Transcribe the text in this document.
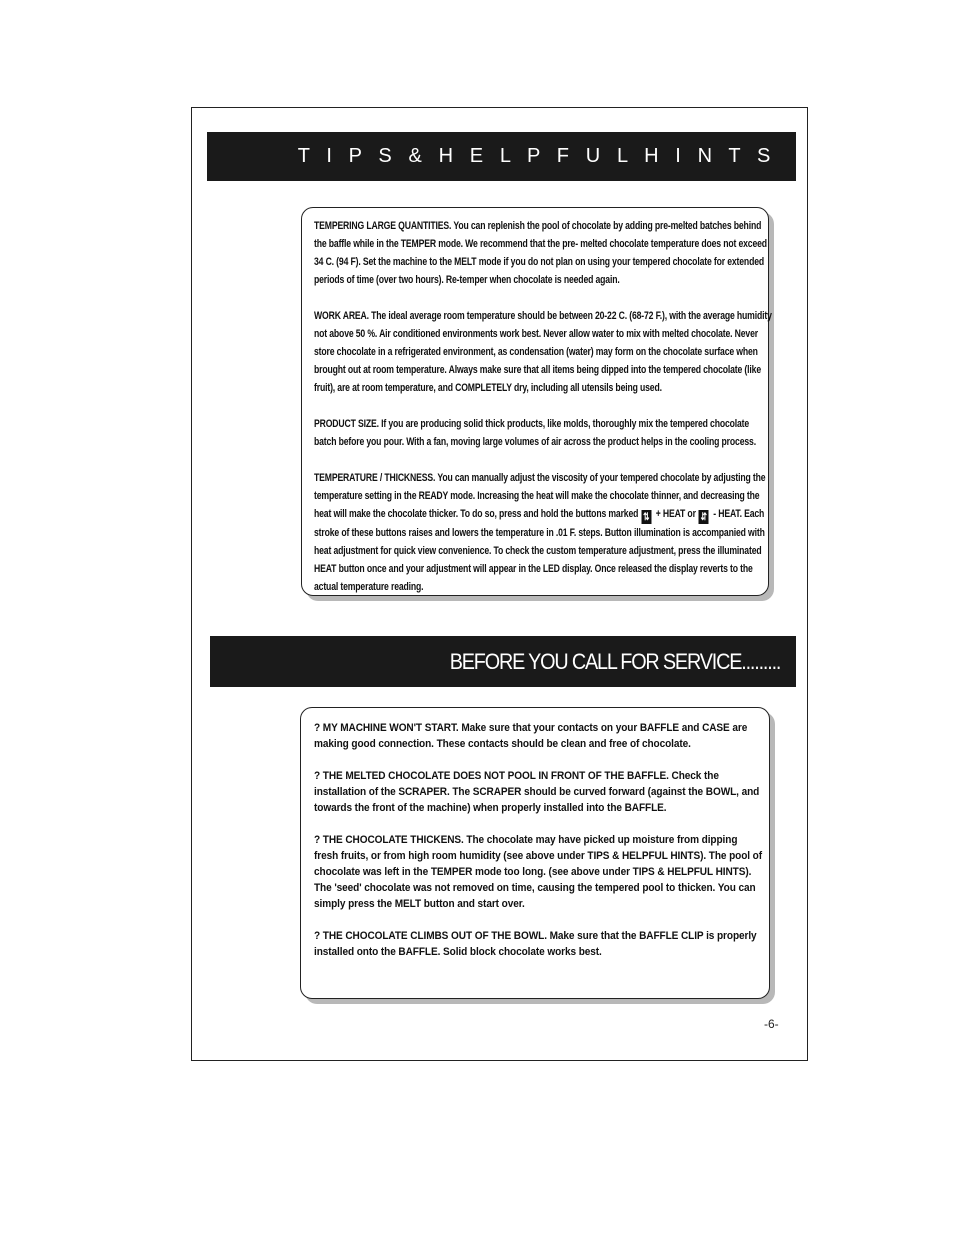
T I P S & H E L P F U L H I N T S

TEMPERING LARGE QUANTITIES. You can replenish the pool of chocolate by adding pre-melted batches behind the baffle while in the TEMPER mode. We recommend that the pre- melted chocolate temperature does not exceed 34 C. (94 F). Set the machine to the MELT mode if you do not plan on using your tempered chocolate for extended periods of time (over two hours). Re-temper when chocolate is needed again.

WORK AREA. The ideal average room temperature should be between 20-22 C. (68-72 F.), with the average humidity not above 50 %. Air conditioned environments work best. Never allow water to mix with melted chocolate. Never store chocolate in a refrigerated environment, as condensation (water) may form on the chocolate surface when brought out at room temperature. Always make sure that all items being dipped into the tempered chocolate (like fruit), are at room temperature, and COMPLETELY dry, including all utensils being used.

PRODUCT SIZE. If you are producing solid thick products, like molds, thoroughly mix the tempered chocolate batch before you pour. With a fan, moving large volumes of air across the product helps in the cooling process.

TEMPERATURE / THICKNESS. You can manually adjust the viscosity of your tempered chocolate by adjusting the temperature setting in the READY mode. Increasing the heat will make the chocolate thinner, and decreasing the heat will make the chocolate thicker. To do so, press and hold the buttons marked ⇅ + HEAT or ⇵ - HEAT. Each stroke of these buttons raises and lowers the temperature in .01 F. steps. Button illumination is accompanied with heat adjustment for quick view convenience. To check the custom temperature adjustment, press the illuminated HEAT button once and your adjustment will appear in the LED display. Once released the display reverts to the actual temperature reading.

BEFORE YOU CALL FOR SERVICE.........

? MY MACHINE WON'T START. Make sure that your contacts on your BAFFLE and CASE are making good connection. These contacts should be clean and free of chocolate.

? THE MELTED CHOCOLATE DOES NOT POOL IN FRONT OF THE BAFFLE. Check the installation of the SCRAPER. The SCRAPER should be curved forward (against the BOWL, and towards the front of the machine) when properly installed into the BAFFLE.

? THE CHOCOLATE THICKENS. The chocolate may have picked up moisture from dipping fresh fruits, or from high room humidity (see above under TIPS & HELPFUL HINTS). The pool of chocolate was left in the TEMPER mode too long. (see above under TIPS & HELPFUL HINTS). The 'seed' chocolate was not removed on time, causing the tempered pool to thicken. You can simply press the MELT button and start over.

? THE CHOCOLATE CLIMBS OUT OF THE BOWL. Make sure that the BAFFLE CLIP is properly installed onto the BAFFLE. Solid block chocolate works best.

-6-
